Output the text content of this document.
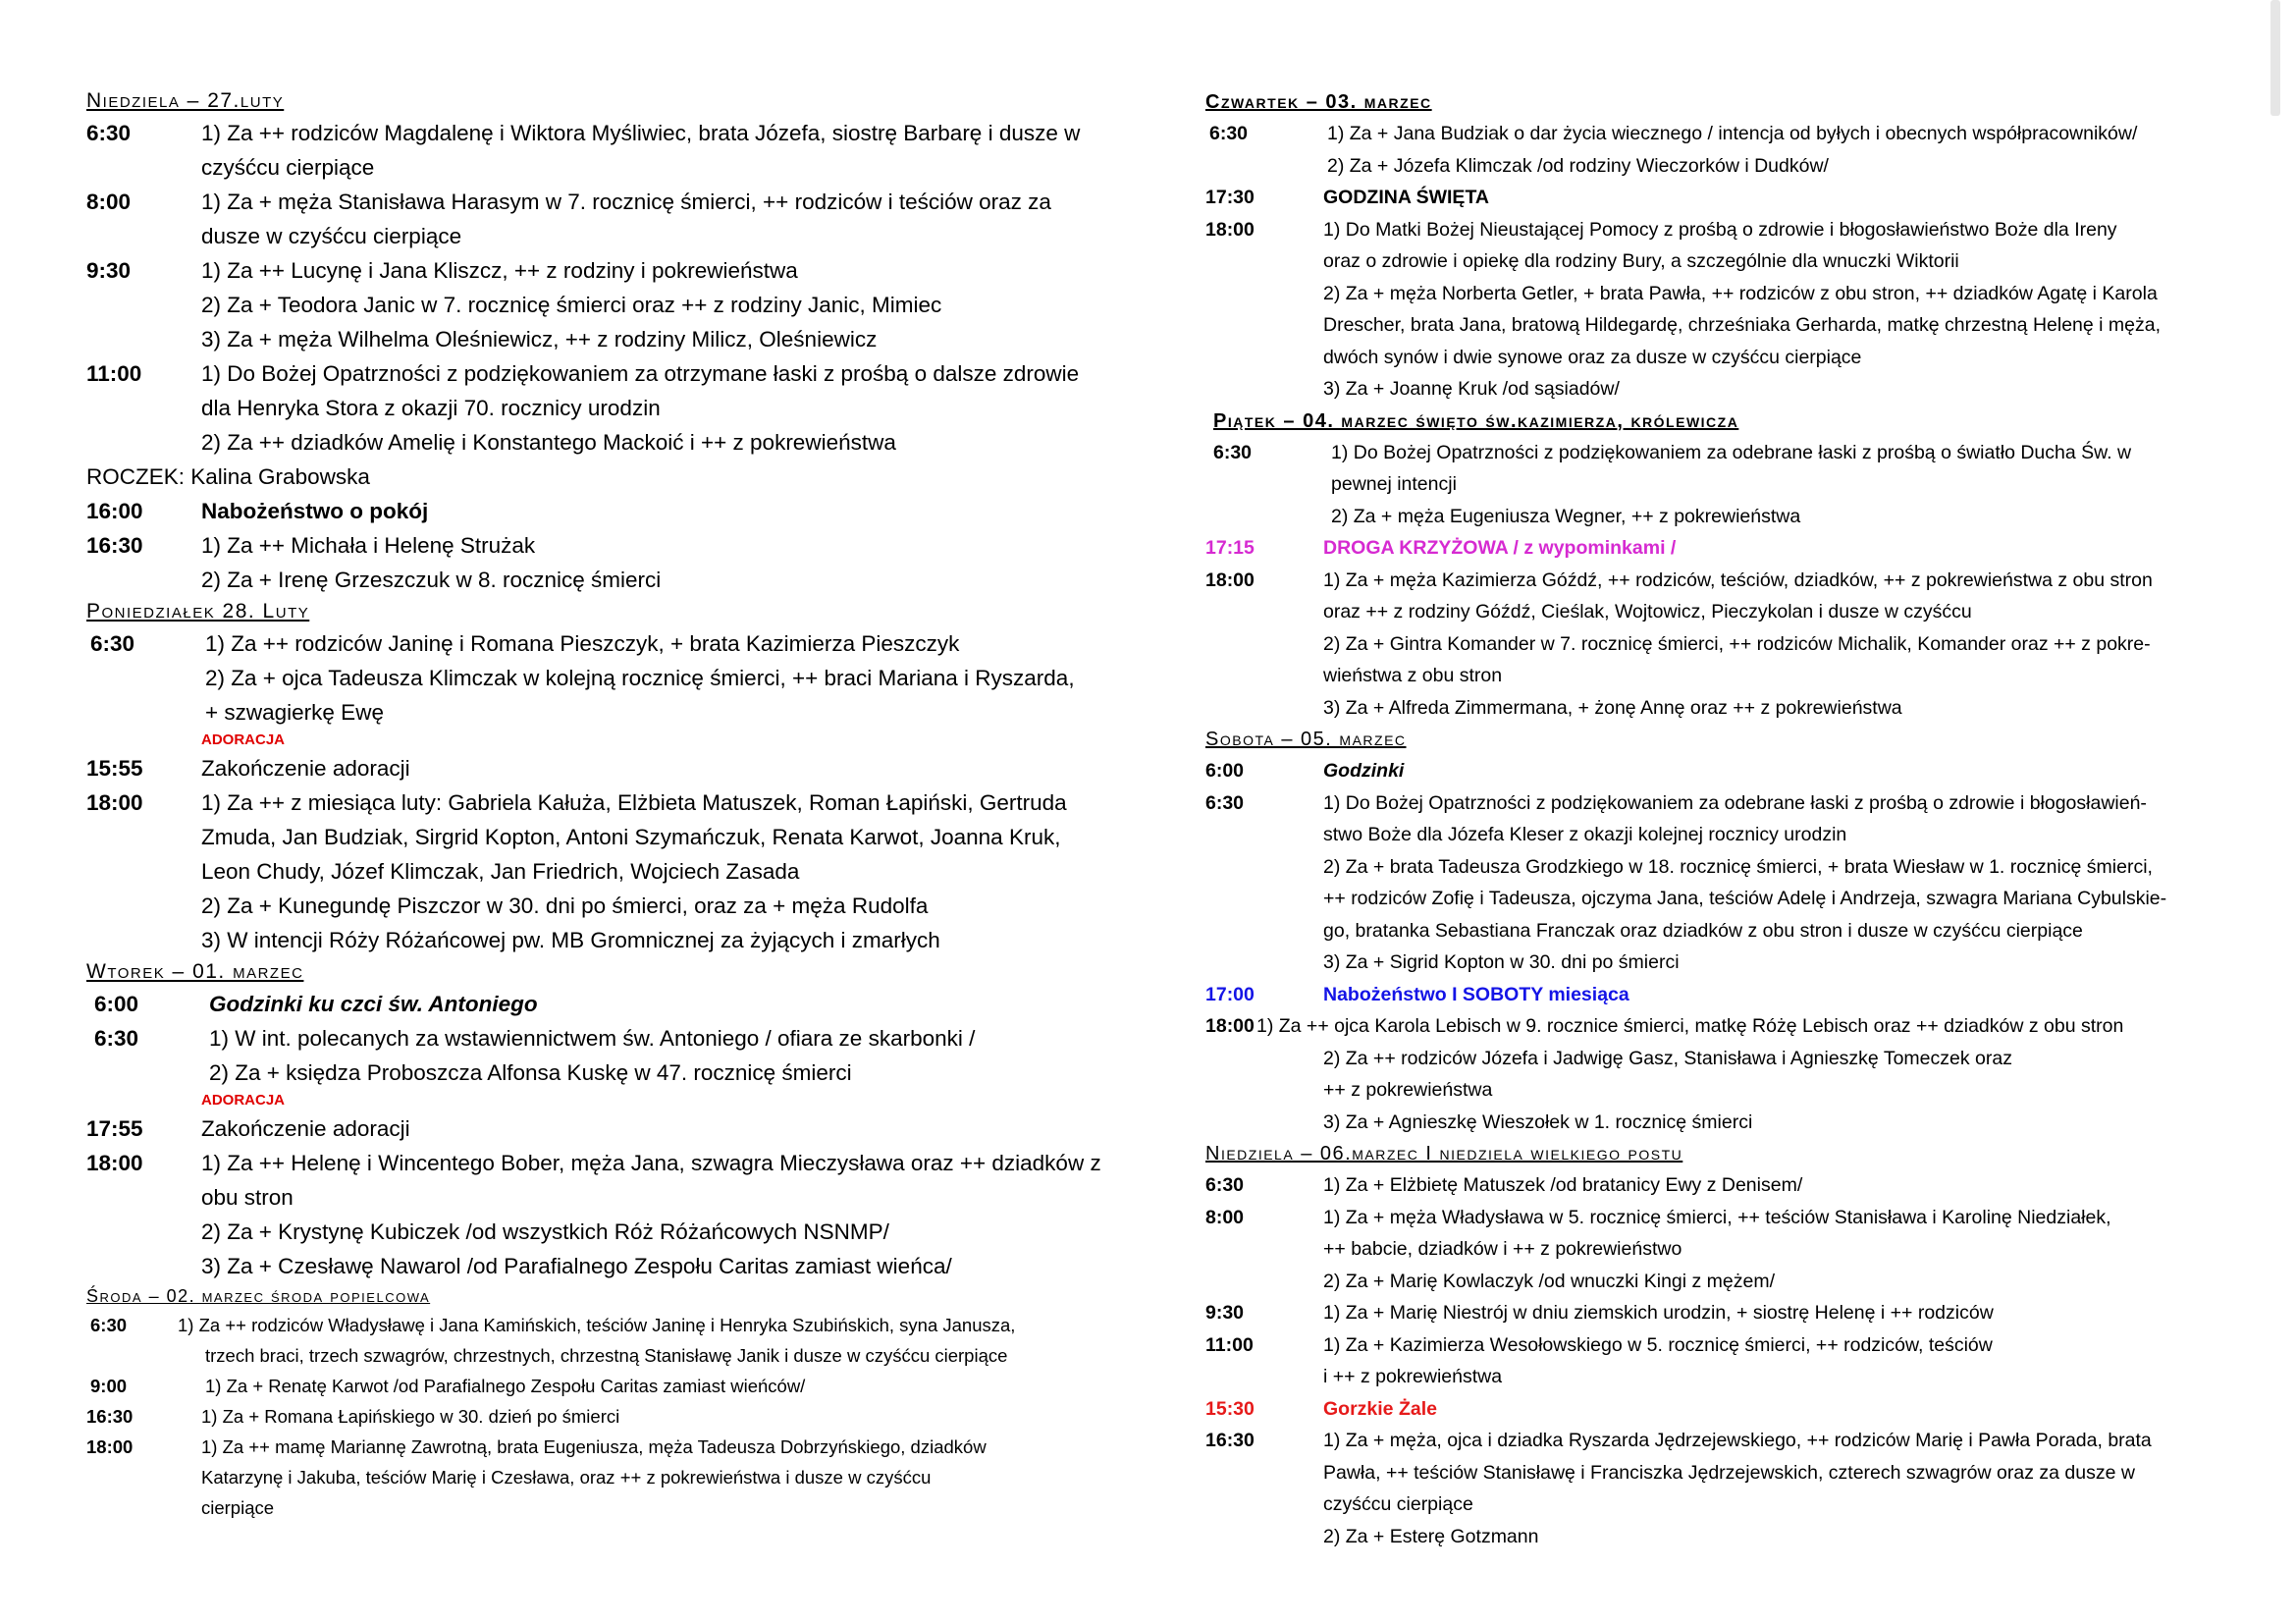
Niedziela – 27.luty

6:30	1) Za ++ rodziców Magdalenę i Wiktora Myśliwiec, brata Józefa, siostrę Barbarę i dusze w
czyśćcu cierpiące
8:00	1) Za + męża Stanisława Harasym w 7. rocznicę śmierci, ++ rodziców i teściów oraz za
dusze w czyśćcu cierpiące
9:30	1) Za ++ Lucynę i Jana Kliszcz, ++ z rodziny i pokrewieństwa
2) Za + Teodora Janic w 7. rocznicę śmierci oraz ++ z rodziny Janic, Mimiec
3) Za + męża Wilhelma Oleśniewicz, ++ z rodziny Milicz, Oleśniewicz
11:00	1) Do Bożej Opatrzności z podziękowaniem za otrzymane łaski z prośbą o dalsze zdrowie
dla Henryka Stora z okazji 70. rocznicy urodzin
2) Za ++ dziadków Amelię i Konstantego Mackoić i ++ z pokrewieństwa
ROCZEK: Kalina Grabowska
16:00	Nabożeństwo o pokój
16:30	1) Za ++ Michała i Helenę Strużak
2) Za + Irenę Grzeszczuk w 8. rocznicę śmierci

Poniedziałek 28. Luty

6:30	1) Za ++ rodziców Janinę i Romana Pieszczyk, + brata Kazimierza Pieszczyk
2) Za + ojca Tadeusza Klimczak w kolejną rocznicę śmierci, ++ braci Mariana i Ryszarda,
+ szwagierkę Ewę
ADORACJA
15:55	Zakończenie adoracji
18:00	1) Za ++ z miesiąca luty: Gabriela Kałuża, Elżbieta Matuszek, Roman Łapiński, Gertruda
Zmuda, Jan Budziak, Sirgrid Kopton, Antoni Szymańczuk, Renata Karwot, Joanna Kruk,
Leon Chudy, Józef Klimczak, Jan Friedrich, Wojciech Zasada
2) Za + Kunegundę Piszczor w 30. dni po śmierci, oraz za + męża Rudolfa
3) W intencji Róży Różańcowej pw. MB Gromnicznej za żyjących i zmarłych

Wtorek – 01. marzec

6:00	Godzinki ku czci św. Antoniego
6:30	1) W int. polecanych za wstawiennictwem św. Antoniego / ofiara ze skarbonki /
2) Za + księdza Proboszcza Alfonsa Kuskę w 47. rocznicę śmierci
ADORACJA
17:55	Zakończenie adoracji
18:00	1) Za ++ Helenę i Wincentego Bober, męża Jana, szwagra Mieczysława oraz ++ dziadków z
obu stron
2) Za + Krystynę Kubiczek /od wszystkich Róż Różańcowych NSNMP/
3) Za + Czesławę Nawarol /od Parafialnego Zespołu Caritas zamiast wieńca/

Środa – 02. marzec środa popielcowa

6:30	1) Za ++ rodziców Władysławę i Jana Kamińskich, teściów Janinę i Henryka Szubińskich, syna Janusza,
trzech braci, trzech szwagrów, chrzestnych, chrzestną Stanisławę Janik i dusze w czyśćcu cierpiące
9:00	1) Za + Renatę Karwot /od Parafialnego Zespołu Caritas zamiast wieńców/
16:30	1) Za + Romana Łapińskiego w 30. dzień po śmierci
18:00	1) Za ++ mamę Mariannę Zawrotną, brata Eugeniusza, męża Tadeusza Dobrzyńskiego, dziadków
Katarzynę i Jakuba, teściów Marię i Czesława, oraz ++ z pokrewieństwa i dusze w czyśćcu
cierpiące

Czwartek – 03. marzec

6:30	1) Za + Jana Budziak o dar życia wiecznego / intencja od byłych i obecnych współpracowników/
2) Za + Józefa Klimczak /od rodziny Wieczorków i Dudków/
17:30	GODZINA ŚWIĘTA
18:00	1) Do Matki Bożej Nieustającej Pomocy z prośbą o zdrowie i błogosławieństwo Boże dla Ireny
oraz o zdrowie i opiekę dla rodziny Bury, a szczególnie dla wnuczki Wiktorii
2) Za + męża Norberta Getler, + brata Pawła, ++ rodziców z obu stron, ++ dziadków Agatę i Karola
Drescher, brata Jana, bratową Hildegardę, chrześniaka Gerharda, matkę chrzestną Helenę i męża,
dwóch synów i dwie synowe oraz za dusze w czyśćcu cierpiące
3) Za + Joannę Kruk /od sąsiadów/

Piątek – 04. marzec święto św.kazimierza, królewicza

6:30	1) Do Bożej Opatrzności z podziękowaniem za odebrane łaski z prośbą o światło Ducha Św. w
pewnej intencji
2) Za + męża Eugeniusza Wegner, ++ z pokrewieństwa
17:15	DROGA KRZYŻOWA / z wypominkami /
18:00	1) Za + męża Kazimierza Góźdź, ++ rodziców, teściów, dziadków, ++ z pokrewieństwa z obu stron
oraz ++ z rodziny Góźdź, Cieślak, Wojtowicz, Pieczykolan i dusze w czyśćcu
2) Za + Gintra Komander w 7. rocznicę śmierci, ++ rodziców Michalik, Komander oraz ++ z pokre-
wieństwa z obu stron
3) Za + Alfreda Zimmermana, + żonę Annę oraz ++ z pokrewieństwa

Sobota – 05. marzec

6:00	Godzinki
6:30	1) Do Bożej Opatrzności z podziękowaniem za odebrane łaski z prośbą o zdrowie i błogosławień-
stwo Boże dla Józefa Kleser z okazji kolejnej rocznicy urodzin
2) Za + brata Tadeusza Grodzkiego w 18. rocznicę śmierci, + brata Wiesław w 1. rocznicę śmierci,
++ rodziców Zofię i Tadeusza, ojczyma Jana, teściów Adelę i Andrzeja, szwagra Mariana Cybulskie-
go, bratanka Sebastiana Franczak oraz dziadków z obu stron i dusze w czyśćcu cierpiące
3) Za + Sigrid Kopton w 30. dni po śmierci
17:00	Nabożeństwo I SOBOTY miesiąca
18:00 1) Za ++ ojca Karola Lebisch w 9. rocznice śmierci, matkę Różę Lebisch oraz ++ dziadków z obu stron
2) Za ++ rodziców Józefa i Jadwigę Gasz, Stanisława i Agnieszkę Tomeczek oraz
++ z pokrewieństwa
3) Za + Agnieszkę Wieszołek w 1. rocznicę śmierci

Niedziela – 06.marzec I niedziela wielkiego postu

6:30	1) Za + Elżbietę Matuszek /od bratanicy Ewy z Denisem/
8:00	1) Za + męża Władysława w 5. rocznicę śmierci, ++ teściów Stanisława i Karolinę Niedziałek,
++ babcie, dziadków i ++ z pokrewieństwo
2) Za + Marię Kowlaczyk /od wnuczki Kingi z mężem/
9:30	1) Za + Marię Niestrój w dniu ziemskich urodzin, + siostrę Helenę i ++ rodziców
11:00	1) Za + Kazimierza Wesołowskiego w 5. rocznicę śmierci, ++ rodziców, teściów
i ++ z pokrewieństwa
15:30	Gorzkie Żale
16:30	1) Za + męża, ojca i dziadka Ryszarda Jędrzejewskiego, ++ rodziców Marię i Pawła Porada, brata
Pawła, ++ teściów Stanisławę i Franciszka Jędrzejewskich, czterech szwagrów oraz za dusze w
czyśćcu cierpiące
2) Za + Esterę Gotzmann
